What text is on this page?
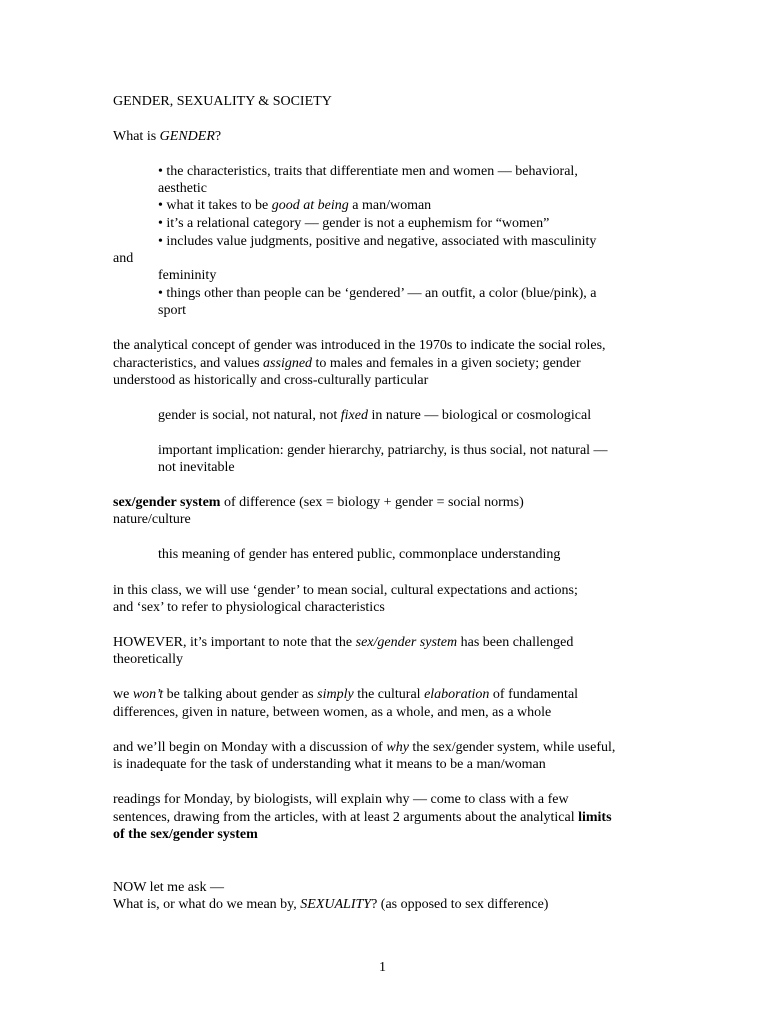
GENDER, SEXUALITY & SOCIETY
What is GENDER?
• the characteristics, traits that differentiate men and women — behavioral,
aesthetic
• what it takes to be good at being a man/woman
• it’s a relational category — gender is not a euphemism for “women”
• includes value judgments, positive and negative, associated with masculinity
and
femininity
• things other than people can be ‘gendered’ — an outfit, a color (blue/pink), a
sport
the analytical concept of gender was introduced in the 1970s to indicate the social roles,
characteristics, and values assigned to males and females in a given society; gender
understood as historically and cross-culturally particular
gender is social, not natural, not fixed in nature — biological or cosmological
important implication: gender hierarchy, patriarchy, is thus social, not natural —
not inevitable
sex/gender system of difference (sex = biology + gender = social norms)
nature/culture
this meaning of gender has entered public, commonplace understanding
in this class, we will use ‘gender’ to mean social, cultural expectations and actions;
and ‘sex’ to refer to physiological characteristics
HOWEVER, it’s important to note that the sex/gender system has been challenged
theoretically
we won’t be talking about gender as simply the cultural elaboration of fundamental
differences, given in nature, between women, as a whole, and men, as a whole
and we’ll begin on Monday with a discussion of why the sex/gender system, while useful,
is inadequate for the task of understanding what it means to be a man/woman
readings for Monday, by biologists, will explain why — come to class with a few
sentences, drawing from the articles, with at least 2 arguments about the analytical limits
of the sex/gender system
NOW let me ask —
What is, or what do we mean by, SEXUALITY? (as opposed to sex difference)
1
